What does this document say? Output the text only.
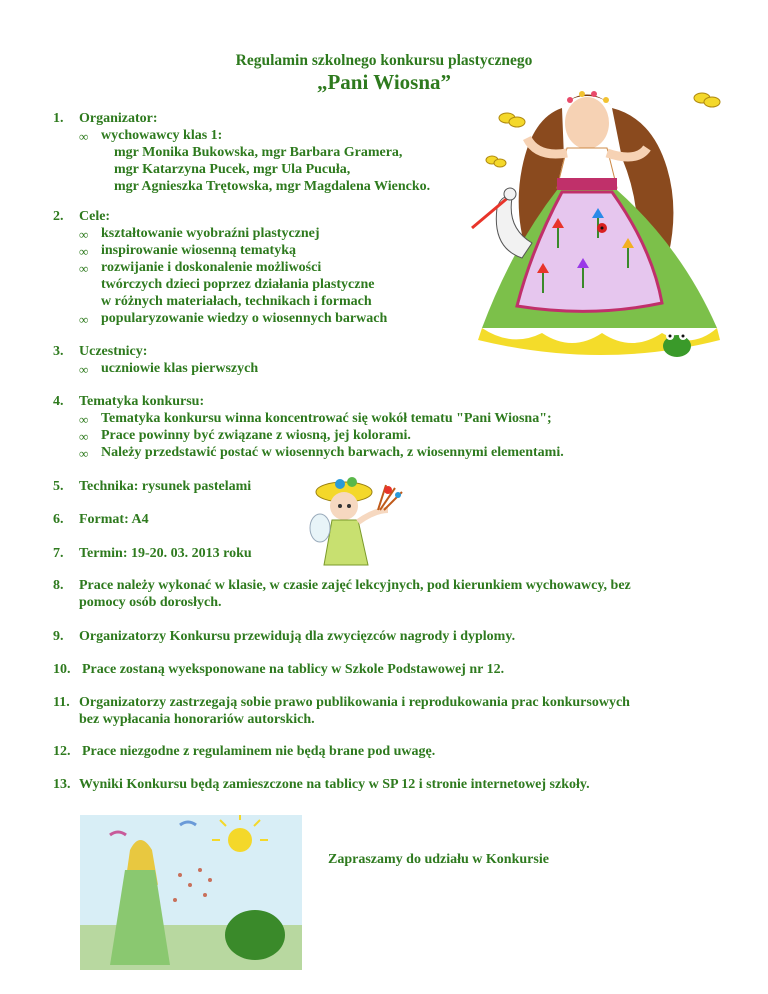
Regulamin szkolnego konkursu plastycznego
„Pani Wiosna”
1. Organizator:
∞ wychowawcy klas 1:
mgr Monika Bukowska, mgr Barbara Gramera,
mgr Katarzyna Pucek, mgr Ula Pucuła,
mgr Agnieszka Trętowska, mgr Magdalena Wiencko.
2. Cele:
∞ kształtowanie wyobraźni plastycznej
∞ inspirowanie wiosenną tematyką
∞ rozwijanie i doskonalenie możliwości
twórczych dzieci poprzez działania plastyczne
w różnych materiałach, technikach i formach
∞ popularyzowanie wiedzy o wiosennych barwach
3. Uczestnicy:
∞ uczniowie klas pierwszych
4. Tematyka konkursu:
∞ Tematyka konkursu winna koncentrować się wokół tematu "Pani Wiosna";
∞ Prace powinny być związane z wiosną, jej kolorami.
∞ Należy przedstawić postać w wiosennych barwach, z wiosennymi elementami.
5. Technika: rysunek pastelami
6. Format: A4
7. Termin: 19-20. 03. 2013 roku
8. Prace należy wykonać w klasie, w czasie zajęć lekcyjnych, pod kierunkiem wychowawcy, bez
pomocy osób dorosłych.
9. Organizatorzy Konkursu przewidują dla zwycięzców nagrody i dyplomy.
10. Prace zostaną wyeksponowane na tablicy w Szkole Podstawowej nr 12.
11. Organizatorzy zastrzegają sobie prawo publikowania i reprodukowania prac konkursowych
bez wypłacania honorariów autorskich.
12. Prace niezgodne z regulaminem nie będą brane pod uwagę.
13. Wyniki Konkursu będą zamieszczone na tablicy w SP 12 i stronie internetowej szkoły.
Zapraszamy do udziału w Konkursie
